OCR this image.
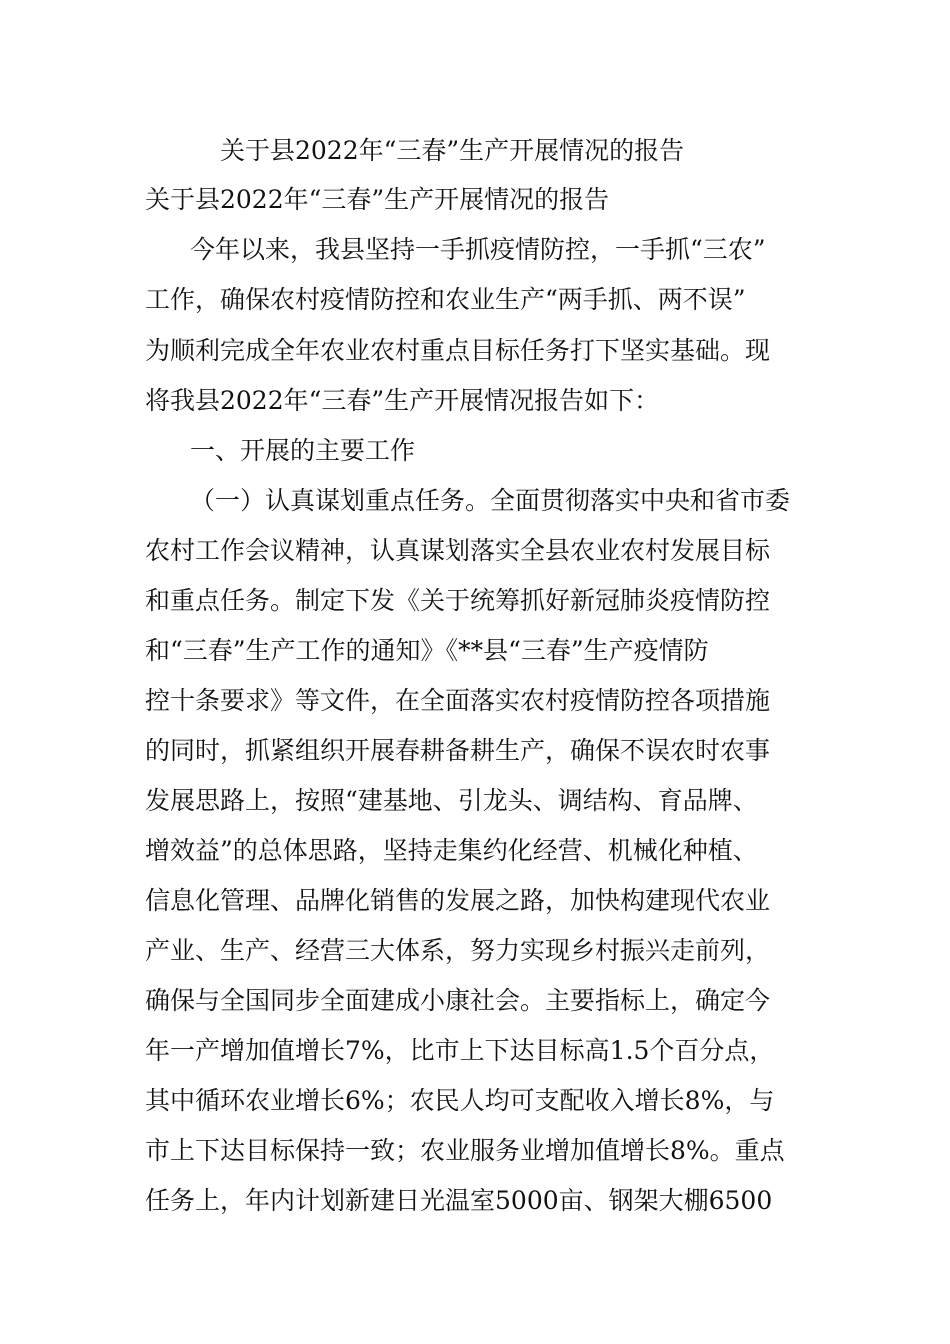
关于县2022年“三春”生产开展情况的报告
关于县2022年“三春”生产开展情况的报告
今年以来，我县坚持一手抓疫情防控，一手抓“三农”
工作，确保农村疫情防控和农业生产“两手抓、两不误”
为顺利完成全年农业农村重点目标任务打下坚实基础。现
将我县2022年“三春”生产开展情况报告如下：
一、开展的主要工作
（一）认真谋划重点任务。全面贯彻落实中央和省市委
农村工作会议精神，认真谋划落实全县农业农村发展目标
和重点任务。制定下发《关于统筹抓好新冠肺炎疫情防控
和“三春”生产工作的通知》《**县“三春”生产疫情防
控十条要求》等文件，在全面落实农村疫情防控各项措施
的同时，抓紧组织开展春耕备耕生产，确保不误农时农事
发展思路上，按照“建基地、引龙头、调结构、育品牌、
增效益”的总体思路，坚持走集约化经营、机械化种植、
信息化管理、品牌化销售的发展之路，加快构建现代农业
产业、生产、经营三大体系，努力实现乡村振兴走前列，
确保与全国同步全面建成小康社会。主要指标上，确定今
年一产增加值增长7%，比市上下达目标高1.5个百分点，
其中循环农业增长6%；农民人均可支配收入增长8%，与
市上下达目标保持一致；农业服务业增加值增长8%。重点
任务上，年内计划新建日光温室5000亩、钢架大棚6500
